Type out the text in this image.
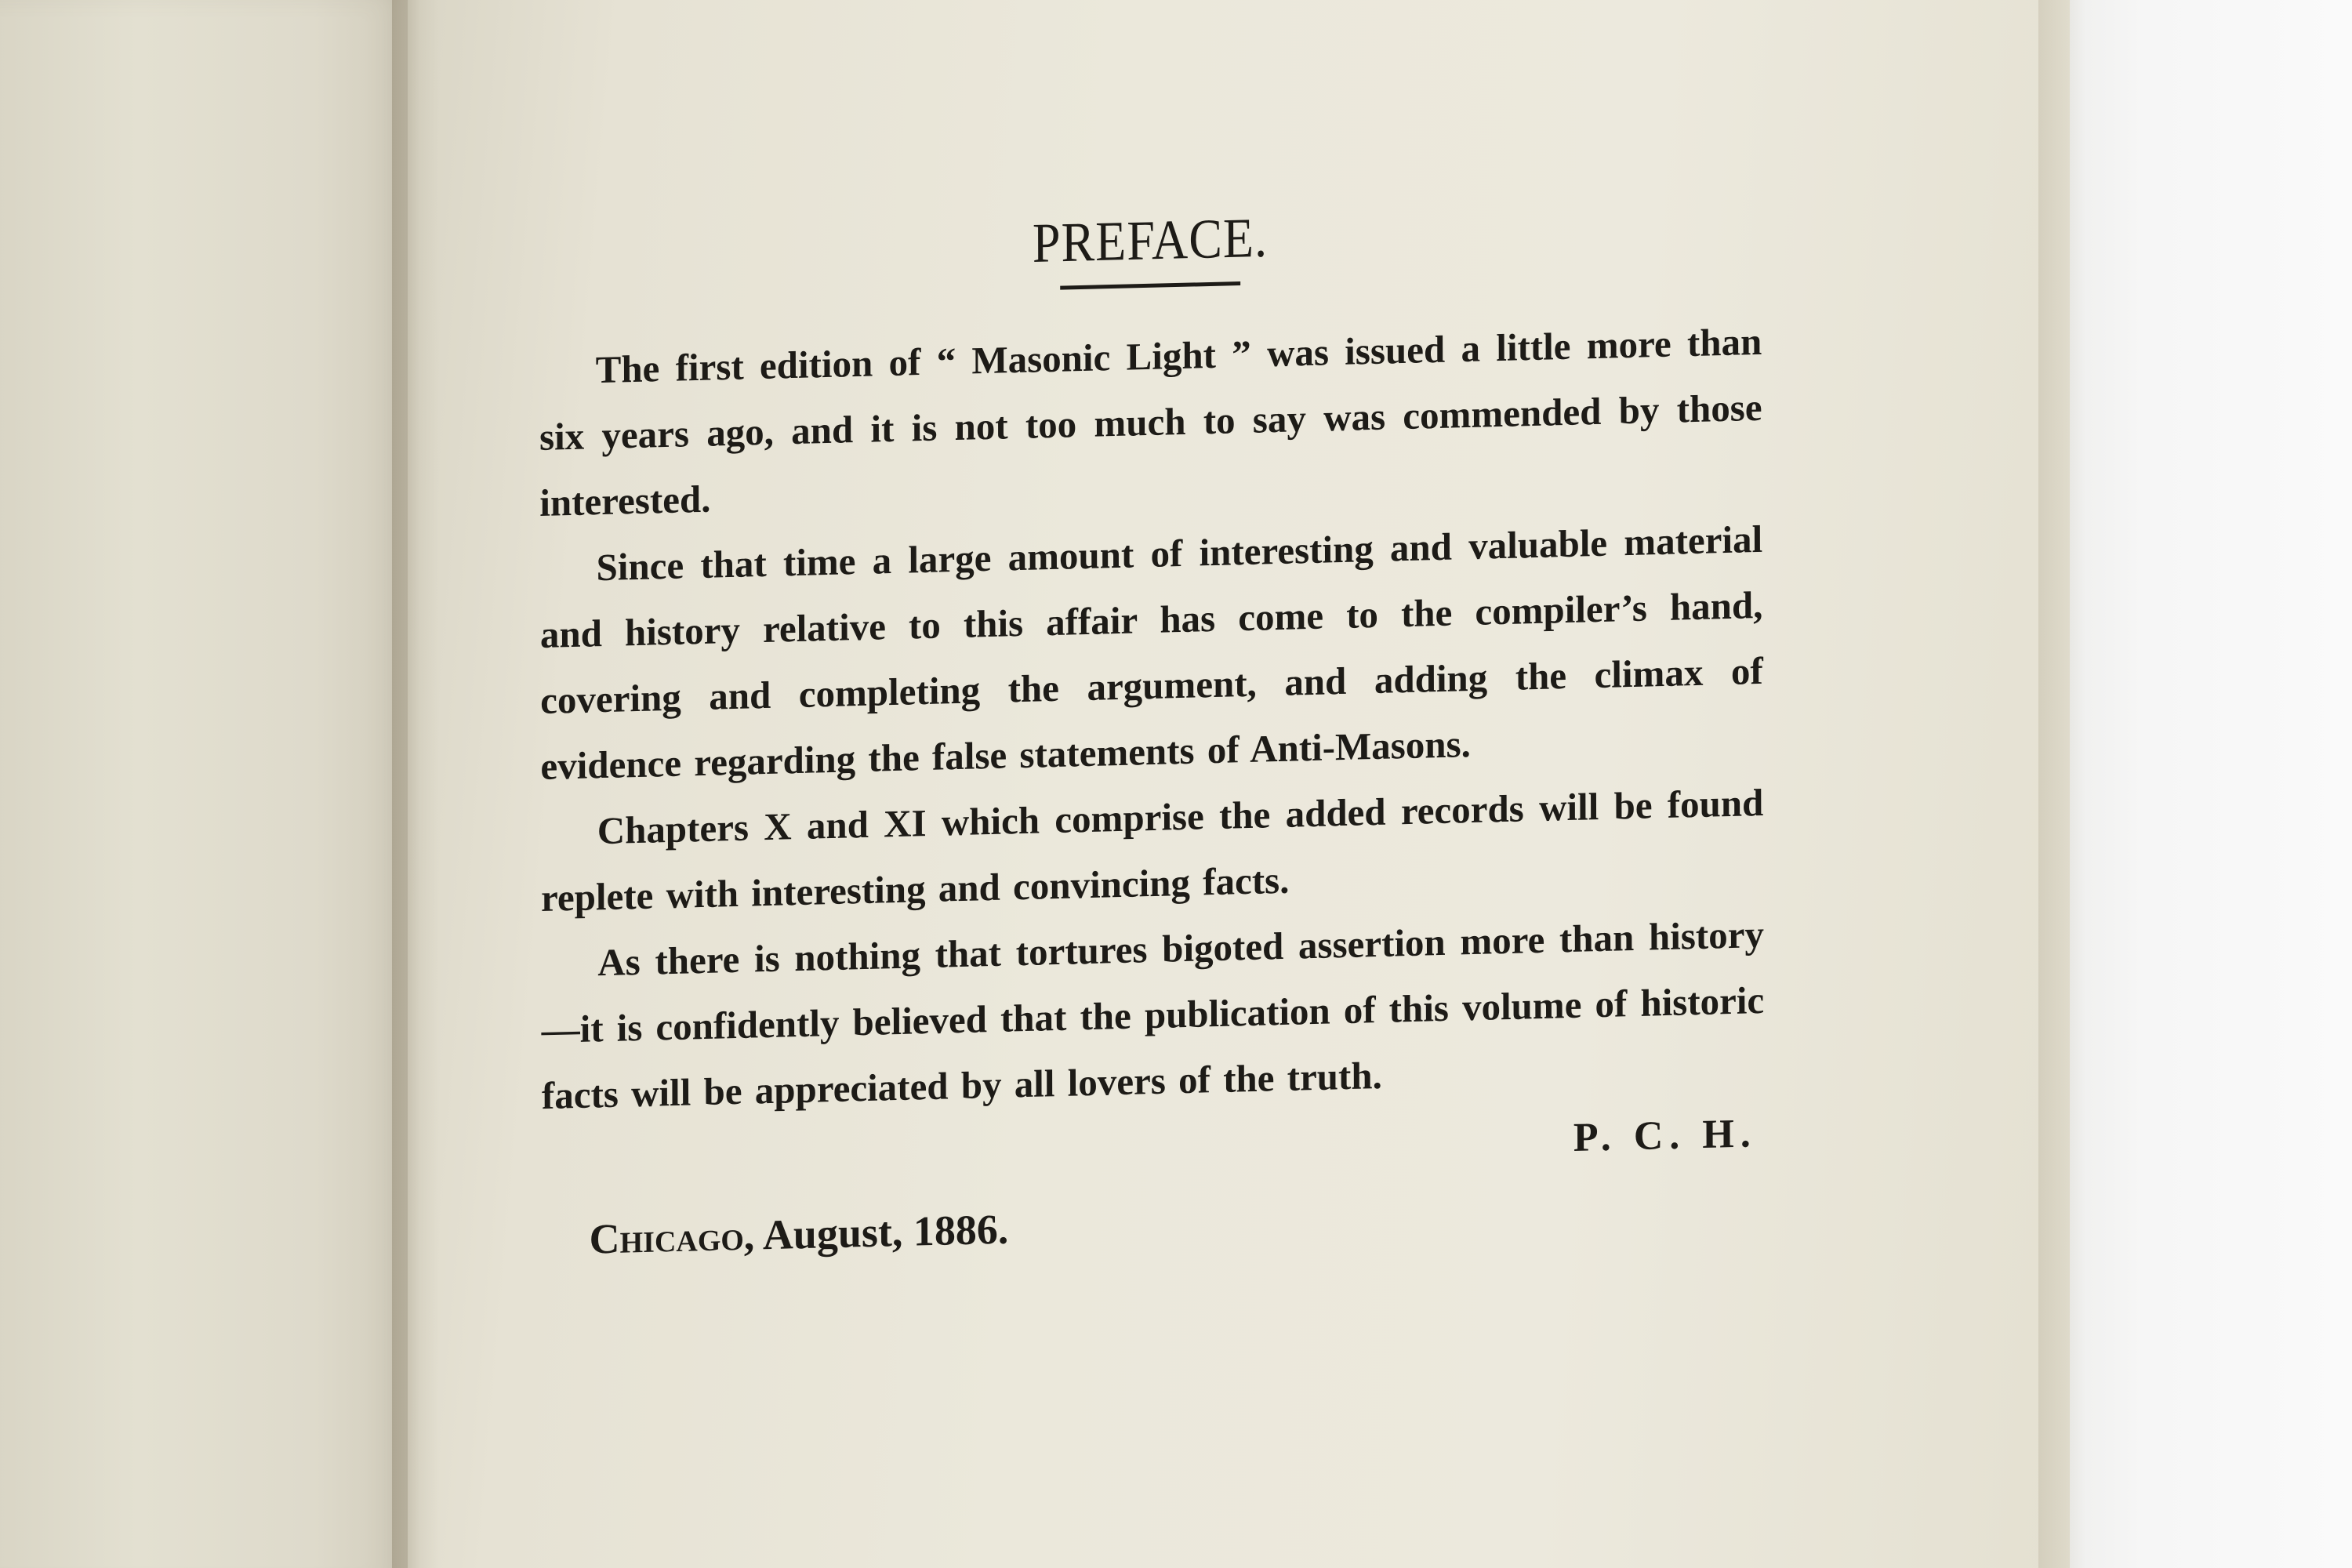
PREFACE.

The first edition of “ Masonic Light ” was issued a little more than six years ago, and it is not too much to say was commended by those interested.

Since that time a large amount of interesting and valuable material and history relative to this affair has come to the compiler’s hand, covering and completing the argument, and adding the climax of evidence regarding the false statements of Anti-Masons.

Chapters X and XI which comprise the added records will be found replete with interesting and convincing facts.

As there is nothing that tortures bigoted assertion more than history—it is confidently believed that the publication of this volume of historic facts will be appreciated by all lovers of the truth.

P. C. H.
Chicago, August, 1886.
